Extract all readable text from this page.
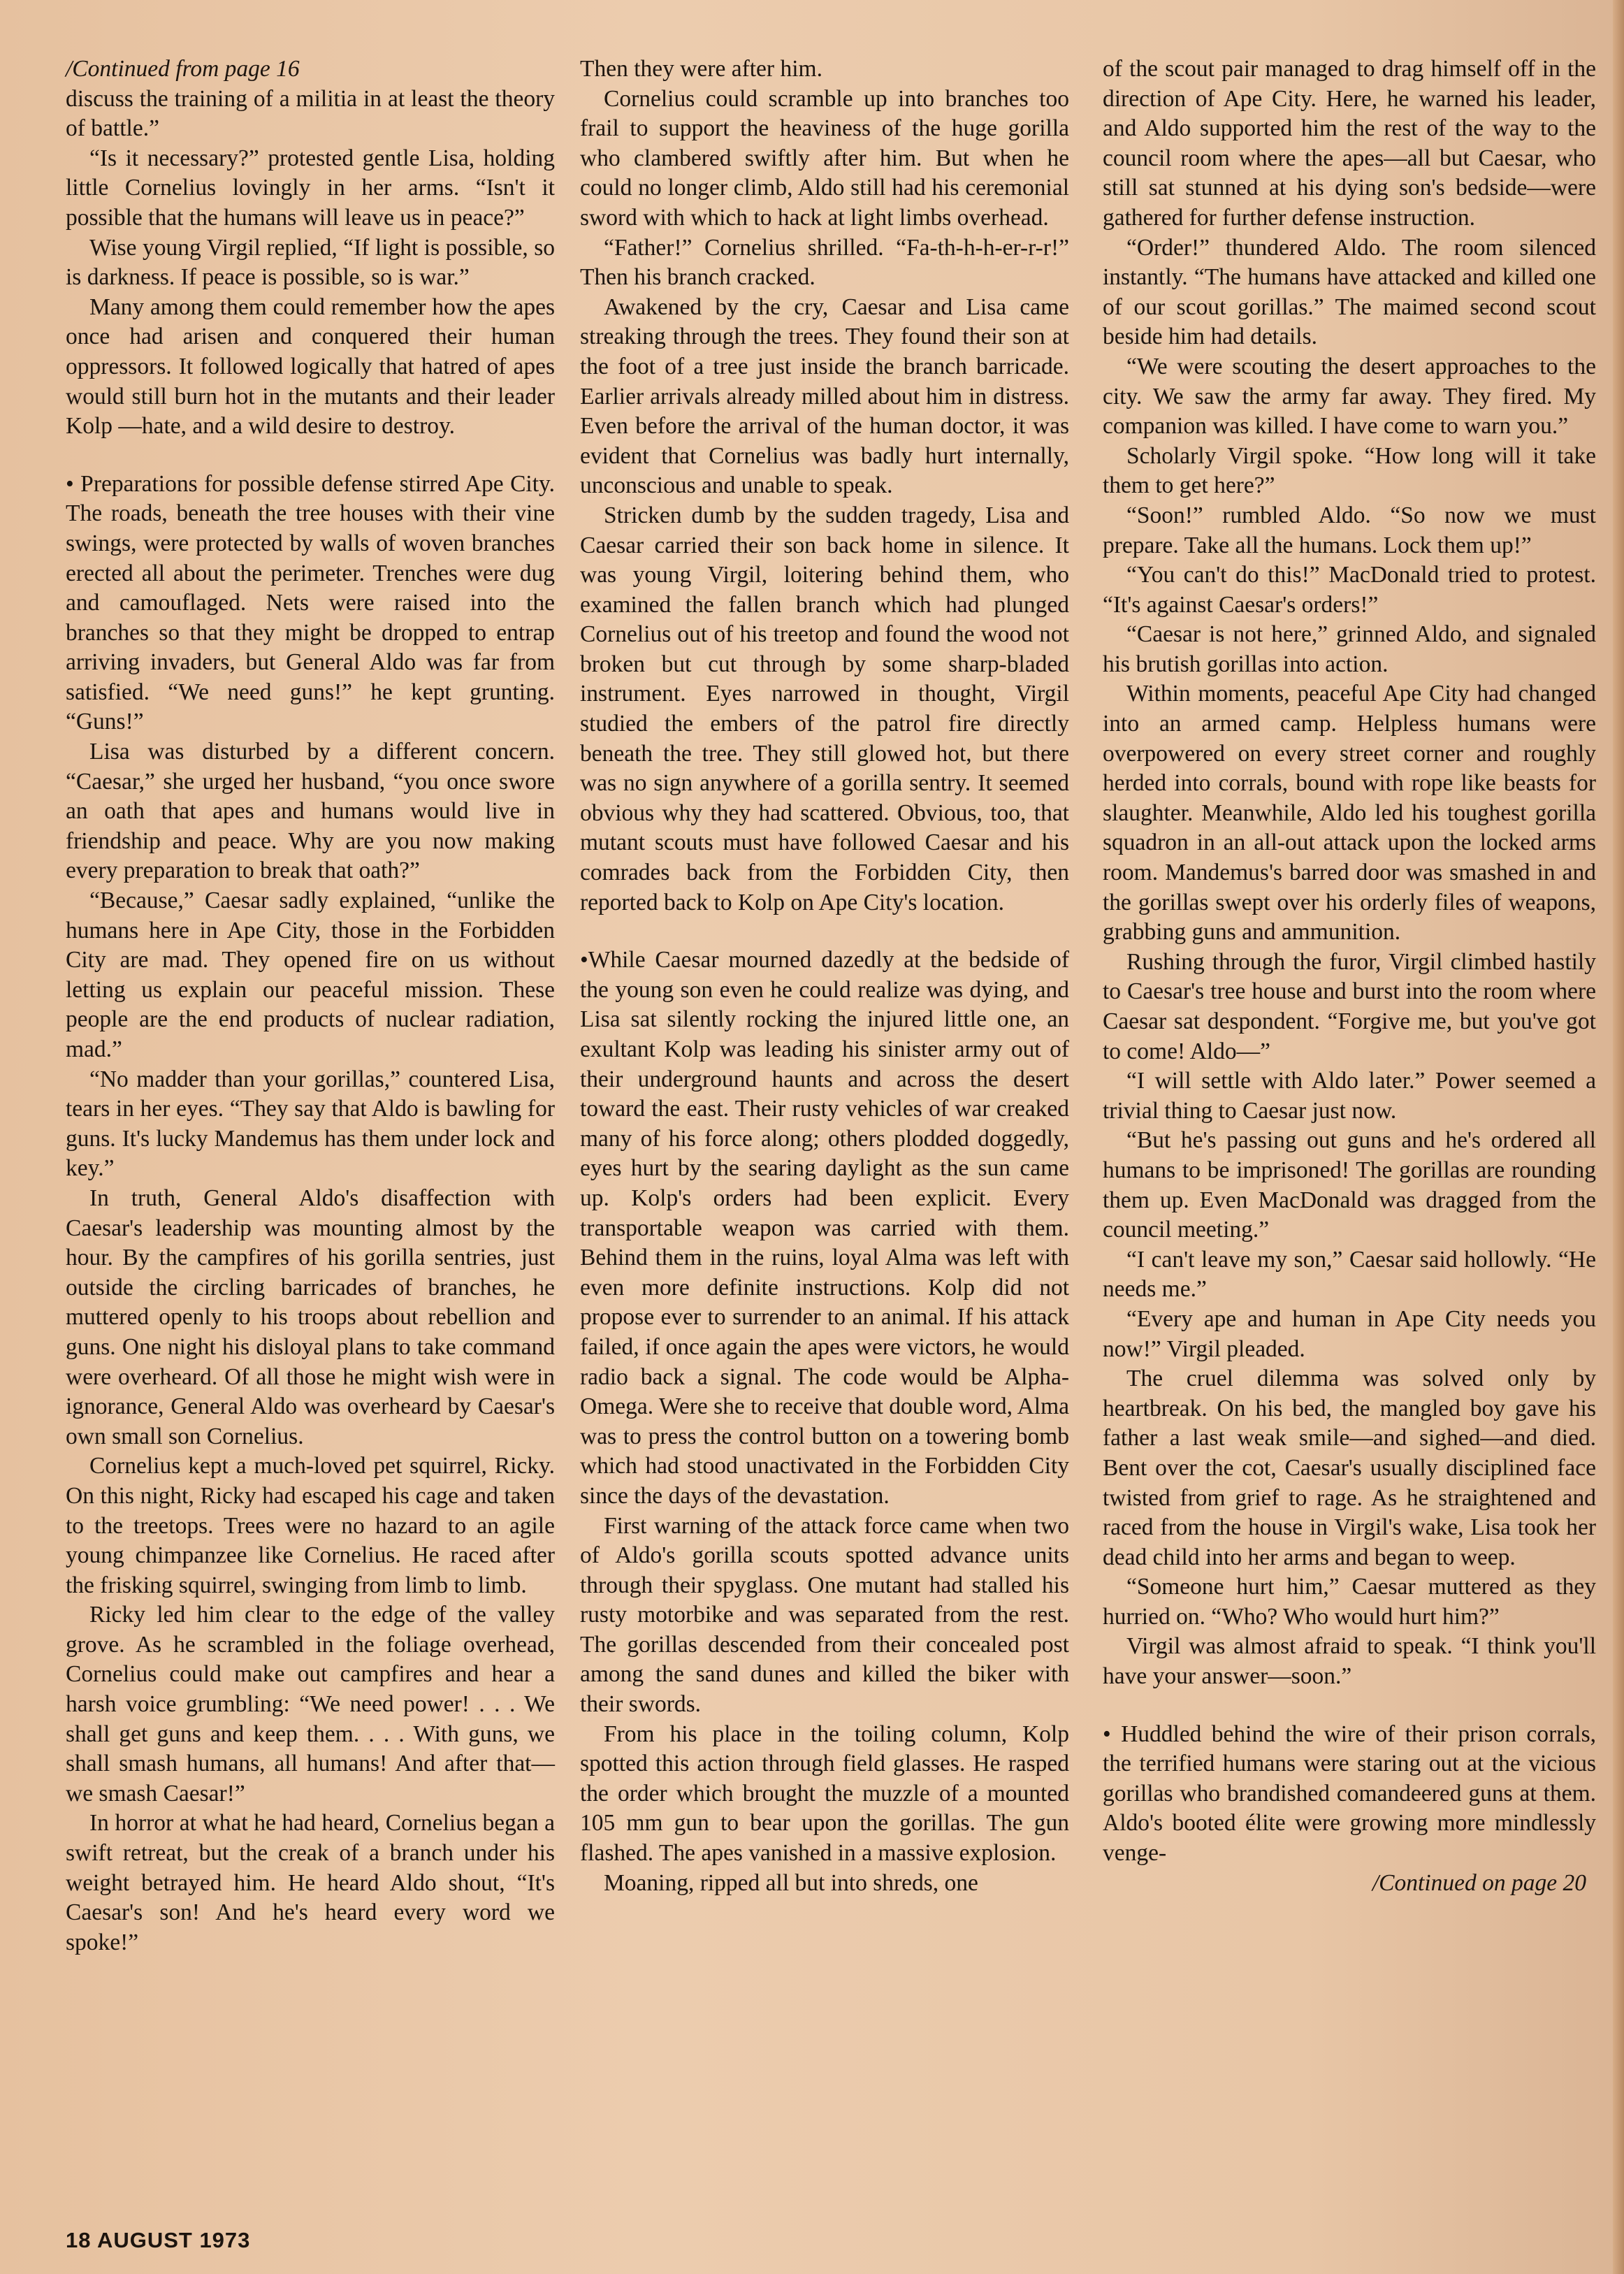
/Continued from page 16

discuss the training of a militia in at least the theory of battle.”

“Is it necessary?” protested gentle Lisa, holding little Cornelius lovingly in her arms. “Isn't it possible that the humans will leave us in peace?”

Wise young Virgil replied, “If light is possible, so is darkness. If peace is possible, so is war.”

Many among them could remember how the apes once had arisen and conquered their human oppressors. It followed logically that hatred of apes would still burn hot in the mutants and their leader Kolp —hate, and a wild desire to destroy.

• Preparations for possible defense stirred Ape City. The roads, beneath the tree houses with their vine swings, were protected by walls of woven branches erected all about the perimeter. Trenches were dug and camouflaged. Nets were raised into the branches so that they might be dropped to entrap arriving invaders, but General Aldo was far from satisfied. “We need guns!” he kept grunting. “Guns!”

Lisa was disturbed by a different concern. “Caesar,” she urged her husband, “you once swore an oath that apes and humans would live in friendship and peace. Why are you now making every preparation to break that oath?”

“Because,” Caesar sadly explained, “unlike the humans here in Ape City, those in the Forbidden City are mad. They opened fire on us without letting us explain our peaceful mission. These people are the end products of nuclear radiation, mad.”

“No madder than your gorillas,” countered Lisa, tears in her eyes. “They say that Aldo is bawling for guns. It's lucky Mandemus has them under lock and key.”

In truth, General Aldo's disaffection with Caesar's leadership was mounting almost by the hour. By the campfires of his gorilla sentries, just outside the circling barricades of branches, he muttered openly to his troops about rebellion and guns. One night his disloyal plans to take command were overheard. Of all those he might wish were in ignorance, General Aldo was overheard by Caesar's own small son Cornelius.

Cornelius kept a much-loved pet squirrel, Ricky. On this night, Ricky had escaped his cage and taken to the treetops. Trees were no hazard to an agile young chimpanzee like Cornelius. He raced after the frisking squirrel, swinging from limb to limb.

Ricky led him clear to the edge of the valley grove. As he scrambled in the foliage overhead, Cornelius could make out campfires and hear a harsh voice grumbling: “We need power! . . . We shall get guns and keep them. . . . With guns, we shall smash humans, all humans! And after that—we smash Caesar!”

In horror at what he had heard, Cornelius began a swift retreat, but the creak of a branch under his weight betrayed him. He heard Aldo shout, “It's Caesar's son! And he's heard every word we spoke!”

Then they were after him.

Cornelius could scramble up into branches too frail to support the heaviness of the huge gorilla who clambered swiftly after him. But when he could no longer climb, Aldo still had his ceremonial sword with which to hack at light limbs overhead.

“Father!” Cornelius shrilled. “Fa-th-h-h-er-r-r!” Then his branch cracked.

Awakened by the cry, Caesar and Lisa came streaking through the trees. They found their son at the foot of a tree just inside the branch barricade. Earlier arrivals already milled about him in distress. Even before the arrival of the human doctor, it was evident that Cornelius was badly hurt internally, unconscious and unable to speak.

Stricken dumb by the sudden tragedy, Lisa and Caesar carried their son back home in silence. It was young Virgil, loitering behind them, who examined the fallen branch which had plunged Cornelius out of his treetop and found the wood not broken but cut through by some sharp-bladed instrument. Eyes narrowed in thought, Virgil studied the embers of the patrol fire directly beneath the tree. They still glowed hot, but there was no sign anywhere of a gorilla sentry. It seemed obvious why they had scattered. Obvious, too, that mutant scouts must have followed Caesar and his comrades back from the Forbidden City, then reported back to Kolp on Ape City's location.

•While Caesar mourned dazedly at the bedside of the young son even he could realize was dying, and Lisa sat silently rocking the injured little one, an exultant Kolp was leading his sinister army out of their underground haunts and across the desert toward the east. Their rusty vehicles of war creaked many of his force along; others plodded doggedly, eyes hurt by the searing daylight as the sun came up. Kolp's orders had been explicit. Every transportable weapon was carried with them. Behind them in the ruins, loyal Alma was left with even more definite instructions. Kolp did not propose ever to surrender to an animal. If his attack failed, if once again the apes were victors, he would radio back a signal. The code would be Alpha-Omega. Were she to receive that double word, Alma was to press the control button on a towering bomb which had stood unactivated in the Forbidden City since the days of the devastation.

First warning of the attack force came when two of Aldo's gorilla scouts spotted advance units through their spyglass. One mutant had stalled his rusty motorbike and was separated from the rest. The gorillas descended from their concealed post among the sand dunes and killed the biker with their swords.

From his place in the toiling column, Kolp spotted this action through field glasses. He rasped the order which brought the muzzle of a mounted 105 mm gun to bear upon the gorillas. The gun flashed. The apes vanished in a massive explosion.

Moaning, ripped all but into shreds, one

of the scout pair managed to drag himself off in the direction of Ape City. Here, he warned his leader, and Aldo supported him the rest of the way to the council room where the apes—all but Caesar, who still sat stunned at his dying son's bedside—were gathered for further defense instruction.

“Order!” thundered Aldo. The room silenced instantly. “The humans have attacked and killed one of our scout gorillas.” The maimed second scout beside him had details.

“We were scouting the desert approaches to the city. We saw the army far away. They fired. My companion was killed. I have come to warn you.”

Scholarly Virgil spoke. “How long will it take them to get here?”

“Soon!” rumbled Aldo. “So now we must prepare. Take all the humans. Lock them up!”

“You can't do this!” MacDonald tried to protest. “It's against Caesar's orders!”

“Caesar is not here,” grinned Aldo, and signaled his brutish gorillas into action.

Within moments, peaceful Ape City had changed into an armed camp. Helpless humans were overpowered on every street corner and roughly herded into corrals, bound with rope like beasts for slaughter. Meanwhile, Aldo led his toughest gorilla squadron in an all-out attack upon the locked arms room. Mandemus's barred door was smashed in and the gorillas swept over his orderly files of weapons, grabbing guns and ammunition.

Rushing through the furor, Virgil climbed hastily to Caesar's tree house and burst into the room where Caesar sat despondent. “Forgive me, but you've got to come! Aldo—”

“I will settle with Aldo later.” Power seemed a trivial thing to Caesar just now.

“But he's passing out guns and he's ordered all humans to be imprisoned! The gorillas are rounding them up. Even MacDonald was dragged from the council meeting.”

“I can't leave my son,” Caesar said hollowly. “He needs me.”

“Every ape and human in Ape City needs you now!” Virgil pleaded.

The cruel dilemma was solved only by heartbreak. On his bed, the mangled boy gave his father a last weak smile—and sighed—and died. Bent over the cot, Caesar's usually disciplined face twisted from grief to rage. As he straightened and raced from the house in Virgil's wake, Lisa took her dead child into her arms and began to weep.

“Someone hurt him,” Caesar muttered as they hurried on. “Who? Who would hurt him?”

Virgil was almost afraid to speak. “I think you'll have your answer—soon.”

• Huddled behind the wire of their prison corrals, the terrified humans were staring out at the vicious gorillas who brandished comandeered guns at them. Aldo's booted élite were growing more mindlessly venge-

/Continued on page 20

18 AUGUST 1973
